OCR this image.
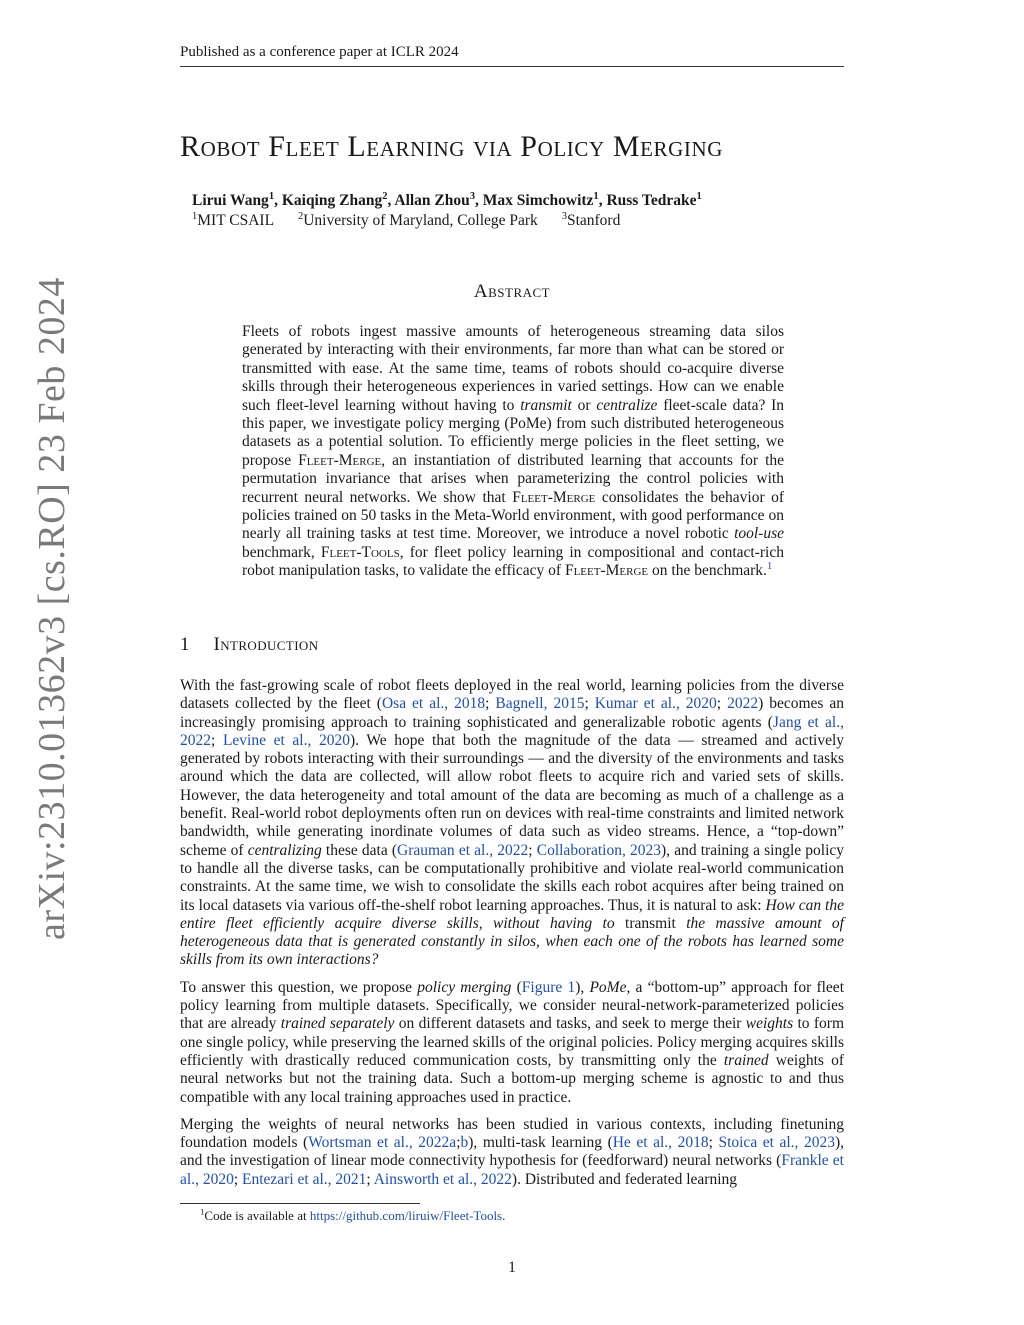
Published as a conference paper at ICLR 2024
arXiv:2310.01362v3 [cs.RO] 23 Feb 2024
Robot Fleet Learning via Policy Merging
Lirui Wang$^1$, Kaiqing Zhang$^2$, Allan Zhou$^3$, Max Simchowitz$^1$, Russ Tedrake$^1$
$^1$MIT CSAIL $^2$University of Maryland, College Park $^3$Stanford
Abstract
Fleets of robots ingest massive amounts of heterogeneous streaming data silos generated by interacting with their environments, far more than what can be stored or transmitted with ease. At the same time, teams of robots should co-acquire diverse skills through their heterogeneous experiences in varied settings. How can we enable such fleet-level learning without having to transmit or centralize fleet-scale data? In this paper, we investigate policy merging (PoMe) from such distributed heterogeneous datasets as a potential solution. To efficiently merge policies in the fleet setting, we propose Fleet-Merge, an instantiation of distributed learning that accounts for the permutation invariance that arises when parameterizing the control policies with recurrent neural networks. We show that Fleet-Merge consolidates the behavior of policies trained on 50 tasks in the Meta-World environment, with good performance on nearly all training tasks at test time. Moreover, we introduce a novel robotic tool-use benchmark, Fleet-Tools, for fleet policy learning in compositional and contact-rich robot manipulation tasks, to validate the efficacy of Fleet-Merge on the benchmark.$^1$
1 Introduction

With the fast-growing scale of robot fleets deployed in the real world, learning policies from the diverse datasets collected by the fleet (Osa et al., 2018; Bagnell, 2015; Kumar et al., 2020; 2022) becomes an increasingly promising approach to training sophisticated and generalizable robotic agents (Jang et al., 2022; Levine et al., 2020). We hope that both the magnitude of the data — streamed and actively generated by robots interacting with their surroundings — and the diversity of the environments and tasks around which the data are collected, will allow robot fleets to acquire rich and varied sets of skills. However, the data heterogeneity and total amount of the data are becoming as much of a challenge as a benefit. Real-world robot deployments often run on devices with real-time constraints and limited network bandwidth, while generating inordinate volumes of data such as video streams. Hence, a “top-down” scheme of centralizing these data (Grauman et al., 2022; Collaboration, 2023), and training a single policy to handle all the diverse tasks, can be computationally prohibitive and violate real-world communication constraints. At the same time, we wish to consolidate the skills each robot acquires after being trained on its local datasets via various off-the-shelf robot learning approaches. Thus, it is natural to ask: How can the entire fleet efficiently acquire diverse skills, without having to transmit the massive amount of heterogeneous data that is generated constantly in silos, when each one of the robots has learned some skills from its own interactions?

To answer this question, we propose policy merging (Figure 1), PoMe, a “bottom-up” approach for fleet policy learning from multiple datasets. Specifically, we consider neural-network-parameterized policies that are already trained separately on different datasets and tasks, and seek to merge their weights to form one single policy, while preserving the learned skills of the original policies. Policy merging acquires skills efficiently with drastically reduced communication costs, by transmitting only the trained weights of neural networks but not the training data. Such a bottom-up merging scheme is agnostic to and thus compatible with any local training approaches used in practice.

Merging the weights of neural networks has been studied in various contexts, including finetuning foundation models (Wortsman et al., 2022a;b), multi-task learning (He et al., 2018; Stoica et al., 2023), and the investigation of linear mode connectivity hypothesis for (feedforward) neural networks (Frankle et al., 2020; Entezari et al., 2021; Ainsworth et al., 2022). Distributed and federated learning

$^1$Code is available at https://github.com/liruiw/Fleet-Tools.
1
